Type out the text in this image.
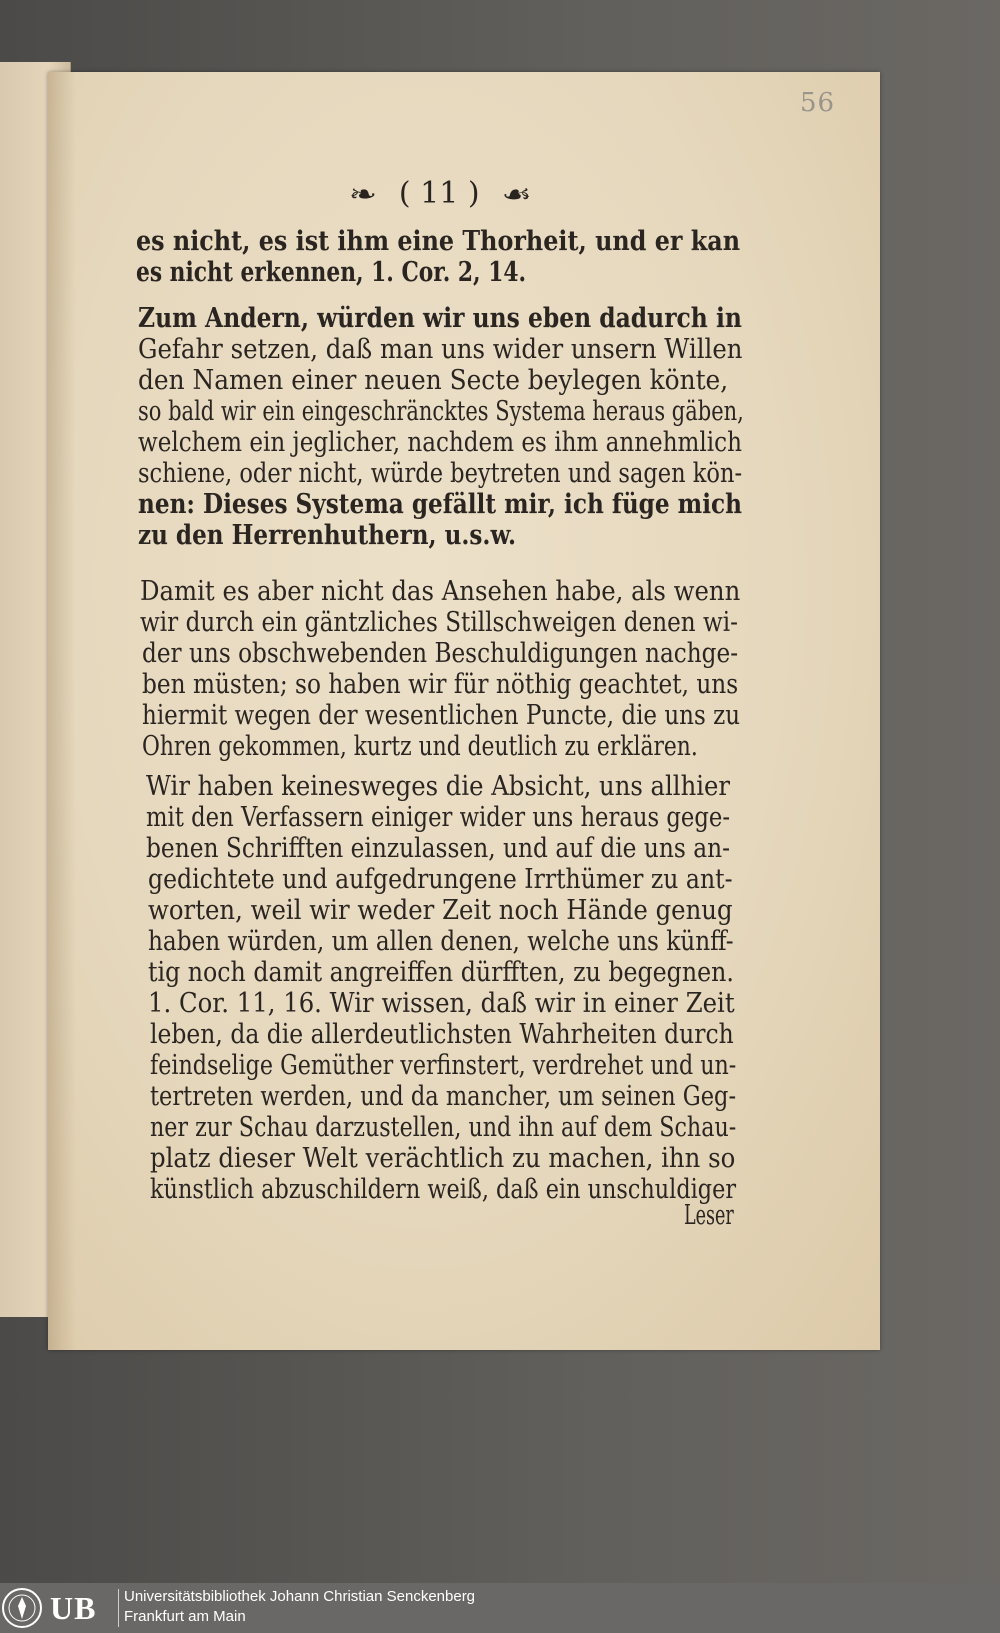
56
❧ ( 11 ) ☙
es nicht, es ist ihm eine Thorheit, und er kan
es nicht erkennen, 1. Cor. 2, 14.
Zum Andern, würden wir uns eben dadurch in
Gefahr setzen, daß man uns wider unsern Willen
den Namen einer neuen Secte beylegen könte,
so bald wir ein eingeschräncktes Systema heraus gäben,
welchem ein jeglicher, nachdem es ihm annehmlich
schiene, oder nicht, würde beytreten und sagen kön-
nen: Dieses Systema gefällt mir, ich füge mich
zu den Herrenhuthern, u.s.w.
Damit es aber nicht das Ansehen habe, als wenn
wir durch ein gäntzliches Stillschweigen denen wi-
der uns obschwebenden Beschuldigungen nachge-
ben müsten; so haben wir für nöthig geachtet, uns
hiermit wegen der wesentlichen Puncte, die uns zu
Ohren gekommen, kurtz und deutlich zu erklären.
Wir haben keinesweges die Absicht, uns allhier
mit den Verfassern einiger wider uns heraus gege-
benen Schrifften einzulassen, und auf die uns an-
gedichtete und aufgedrungene Irrthümer zu ant-
worten, weil wir weder Zeit noch Hände genug
haben würden, um allen denen, welche uns künff-
tig noch damit angreiffen dürfften, zu begegnen.
1. Cor. 11, 16. Wir wissen, daß wir in einer Zeit
leben, da die allerdeutlichsten Wahrheiten durch
feindselige Gemüther verfinstert, verdrehet und un-
tertreten werden, und da mancher, um seinen Geg-
ner zur Schau darzustellen, und ihn auf dem Schau-
platz dieser Welt verächtlich zu machen, ihn so
künstlich abzuschildern weiß, daß ein unschuldiger
Leser
UB Universitätsbibliothek Johann Christian Senckenberg
Frankfurt am Main
